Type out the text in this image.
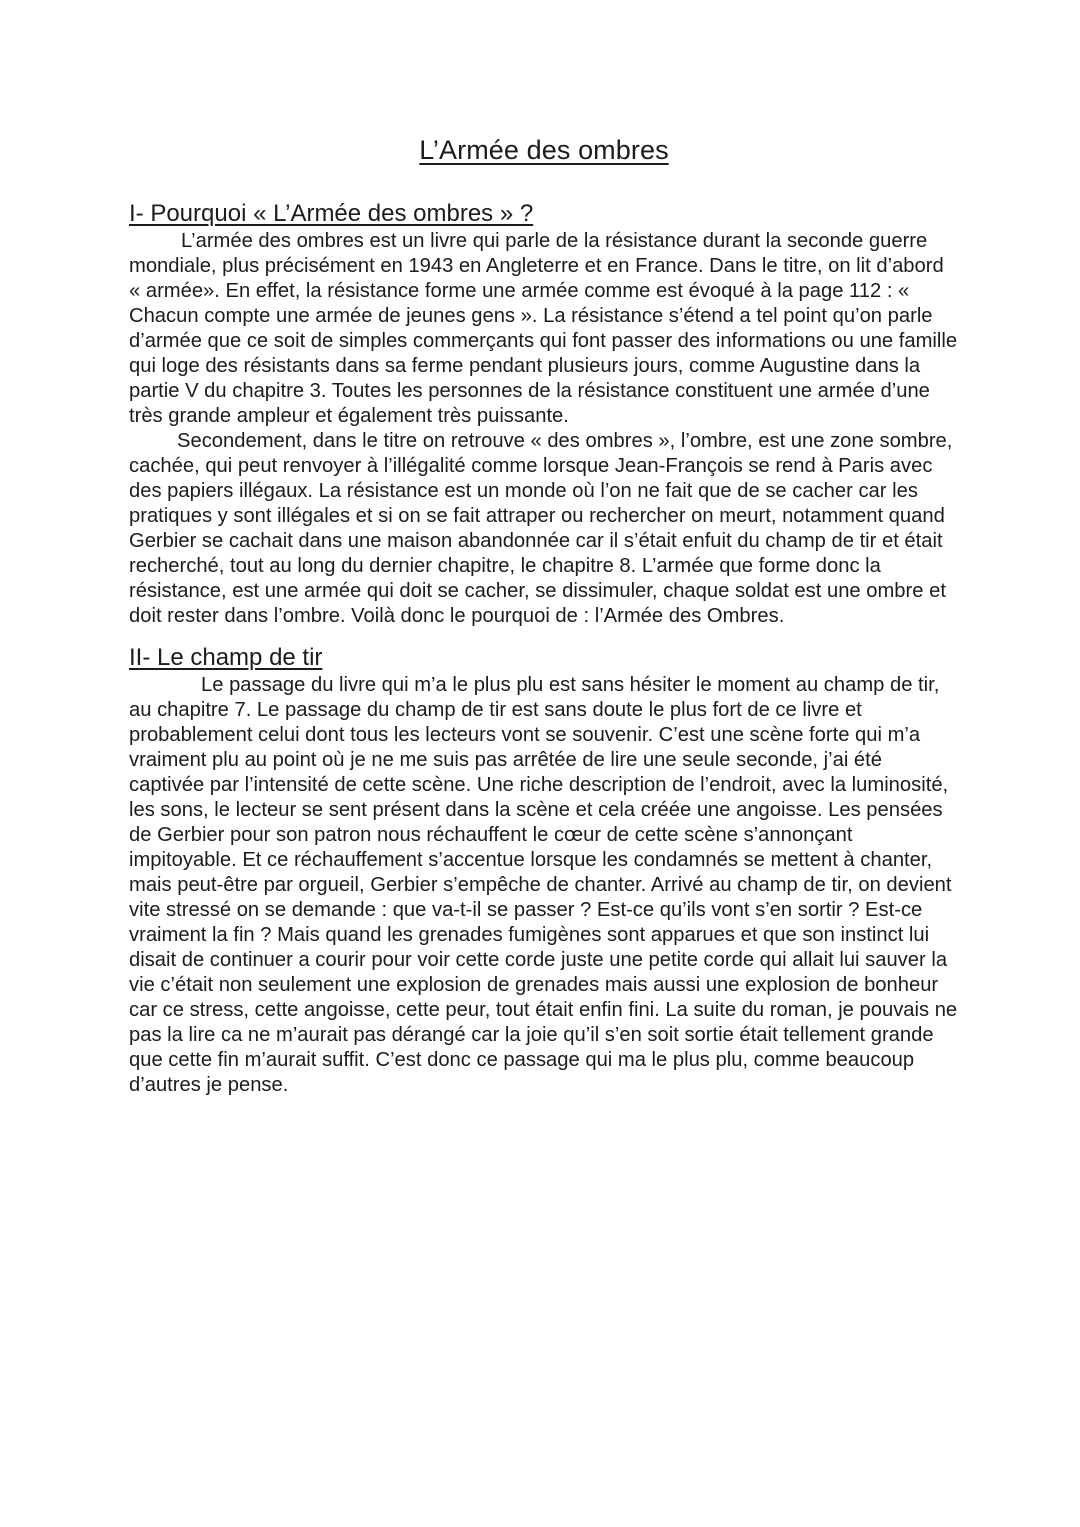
L’Armée des ombres
I- Pourquoi « L’Armée des ombres » ?

L’armée des ombres est un livre qui parle de la résistance durant la seconde guerre mondiale, plus précisément en 1943 en Angleterre et en France. Dans le titre, on lit d’abord « armée». En effet, la résistance forme une armée comme est évoqué à la page 112 : « Chacun compte une armée de jeunes gens ». La résistance s’étend a tel point qu’on parle d’armée que ce soit de simples commerçants qui font passer des informations ou une famille qui loge des résistants dans sa ferme pendant plusieurs jours, comme Augustine dans la partie V du chapitre 3. Toutes les personnes de la résistance constituent une armée d’une très grande ampleur et également très puissante.

Secondement, dans le titre on retrouve « des ombres », l’ombre, est une zone sombre, cachée, qui peut renvoyer à l’illégalité comme lorsque Jean-François se rend à Paris avec des papiers illégaux. La résistance est un monde où l’on ne fait que de se cacher car les pratiques y sont illégales et si on se fait attraper ou rechercher on meurt, notamment quand Gerbier se cachait dans une maison abandonnée car il s’était enfuit du champ de tir et était recherché, tout au long du dernier chapitre, le chapitre 8. L’armée que forme donc la résistance, est une armée qui doit se cacher, se dissimuler, chaque soldat est une ombre et doit rester dans l’ombre. Voilà donc le pourquoi de : l’Armée des Ombres.

II- Le champ de tir

Le passage du livre qui m’a le plus plu est sans hésiter le moment au champ de tir, au chapitre 7. Le passage du champ de tir est sans doute le plus fort de ce livre et probablement celui dont tous les lecteurs vont se souvenir. C’est une scène forte qui m’a vraiment plu au point où je ne me suis pas arrêtée de lire une seule seconde, j’ai été captivée par l’intensité de cette scène. Une riche description de l’endroit, avec la luminosité, les sons, le lecteur se sent présent dans la scène et cela créée une angoisse. Les pensées de Gerbier pour son patron nous réchauffent le cœur de cette scène s’annonçant impitoyable. Et ce réchauffement s’accentue lorsque les condamnés se mettent à chanter, mais peut-être par orgueil, Gerbier s’empêche de chanter. Arrivé au champ de tir, on devient vite stressé on se demande : que va-t-il se passer ? Est-ce qu’ils vont s’en sortir ? Est-ce vraiment la fin ? Mais quand les grenades fumigènes sont apparues et que son instinct lui disait de continuer a courir pour voir cette corde juste une petite corde qui allait lui sauver la vie c’était non seulement une explosion de grenades mais aussi une explosion de bonheur car ce stress, cette angoisse, cette peur, tout était enfin fini. La suite du roman, je pouvais ne pas la lire ca ne m’aurait pas dérangé car la joie qu’il s’en soit sortie était tellement grande que cette fin m’aurait suffit. C’est donc ce passage qui ma le plus plu, comme beaucoup d’autres je pense.
